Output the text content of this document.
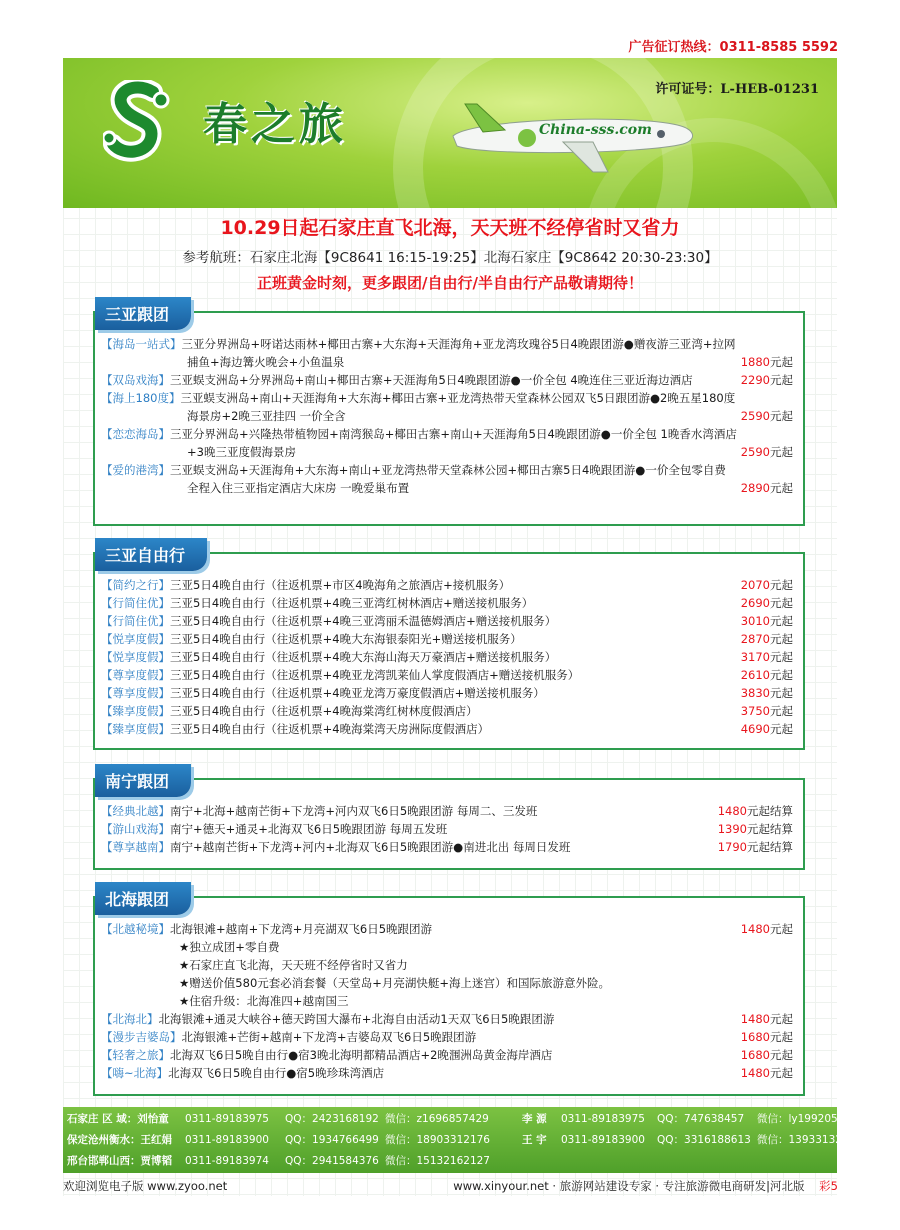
广告征订热线：0311-8585 5592
春之旅
许可证号：L-HEB-01231
China-sss.com
10.29日起石家庄直飞北海，天天班不经停省时又省力
参考航班：石家庄北海【9C8641 16:15-19:25】北海石家庄【9C8642 20:30-23:30】
正班黄金时刻，更多跟团/自由行/半自由行产品敬请期待！
三亚跟团
【海岛一站式】三亚分界洲岛+呀诺达雨林+椰田古寨+大东海+天涯海角+亚龙湾玫瑰谷5日4晚跟团游●赠夜游三亚湾+拉网
捕鱼+海边篝火晚会+小鱼温泉	1880元起
【双岛戏海】三亚蜈支洲岛+分界洲岛+南山+椰田古寨+天涯海角5日4晚跟团游●一价全包 4晚连住三亚近海边酒店	2290元起
【海上180度】三亚蜈支洲岛+南山+天涯海角+大东海+椰田古寨+亚龙湾热带天堂森林公园双飞5日跟团游●2晚五星180度
海景房+2晚三亚挂四 一价全含	2590元起
【恋恋海岛】三亚分界洲岛+兴隆热带植物园+南湾猴岛+椰田古寨+南山+天涯海角5日4晚跟团游●一价全包 1晚香水湾酒店
+3晚三亚度假海景房	2590元起
【爱的港湾】三亚蜈支洲岛+天涯海角+大东海+南山+亚龙湾热带天堂森林公园+椰田古寨5日4晚跟团游●一价全包零自费
全程入住三亚指定酒店大床房 一晚爱巢布置	2890元起
三亚自由行
【简约之行】三亚5日4晚自由行（往返机票+市区4晚海角之旅酒店+接机服务）	2070元起
【行简住优】三亚5日4晚自由行（往返机票+4晚三亚湾红树林酒店+赠送接机服务）	2690元起
【行简住优】三亚5日4晚自由行（往返机票+4晚三亚湾丽禾温德姆酒店+赠送接机服务）	3010元起
【悦享度假】三亚5日4晚自由行（往返机票+4晚大东海银泰阳光+赠送接机服务）	2870元起
【悦享度假】三亚5日4晚自由行（往返机票+4晚大东海山海天万豪酒店+赠送接机服务）	3170元起
【尊享度假】三亚5日4晚自由行（往返机票+4晚亚龙湾凯莱仙人掌度假酒店+赠送接机服务）	2610元起
【尊享度假】三亚5日4晚自由行（往返机票+4晚亚龙湾万豪度假酒店+赠送接机服务）	3830元起
【臻享度假】三亚5日4晚自由行（往返机票+4晚海棠湾红树林度假酒店）	3750元起
【臻享度假】三亚5日4晚自由行（往返机票+4晚海棠湾天房洲际度假酒店）	4690元起
南宁跟团
【经典北越】南宁+北海+越南芒街+下龙湾+河内双飞6日5晚跟团游 每周二、三发班	1480元起结算
【游山戏海】南宁+德天+通灵+北海双飞6日5晚跟团游 每周五发班	1390元起结算
【尊享越南】南宁+越南芒街+下龙湾+河内+北海双飞6日5晚跟团游●南进北出 每周日发班	1790元起结算
北海跟团
【北越秘境】北海银滩+越南+下龙湾+月亮湖双飞6日5晚跟团游	1480元起
★独立成团+零自费
★石家庄直飞北海，天天班不经停省时又省力
★赠送价值580元套必消套餐（天堂岛+月亮湖快艇+海上迷宫）和国际旅游意外险。
★住宿升级：北海准四+越南国三
【北海北】北海银滩+通灵大峡谷+德天跨国大瀑布+北海自由活动1天双飞6日5晚跟团游	1480元起
【漫步吉婆岛】北海银滩+芒街+越南+下龙湾+吉婆岛双飞6日5晚跟团游	1680元起
【轻奢之旅】北海双飞6日5晚自由行●宿3晚北海明都精品酒店+2晚涠洲岛黄金海岸酒店	1680元起
【嗨~北海】北海双飞6日5晚自由行●宿5晚珍珠湾酒店	1480元起
石家庄 区 域：刘怡童 0311-89183975 QQ：2423168192 微信：z1696857429	李 源 0311-89183975 QQ：747638457 微信：ly19920518ly
保定沧州衡水：王红娟 0311-89183900 QQ：1934766499 微信：18903312176	王 宇 0311-89183900 QQ：3316188613 微信：13933132015
邢台邯郸山西：贾博韬 0311-89183974 QQ：2941584376 微信：15132162127
欢迎浏览电子版 www.zyoo.net	www.xinyour.net · 旅游网站建设专家 · 专注旅游微电商研发|河北版 彩5
